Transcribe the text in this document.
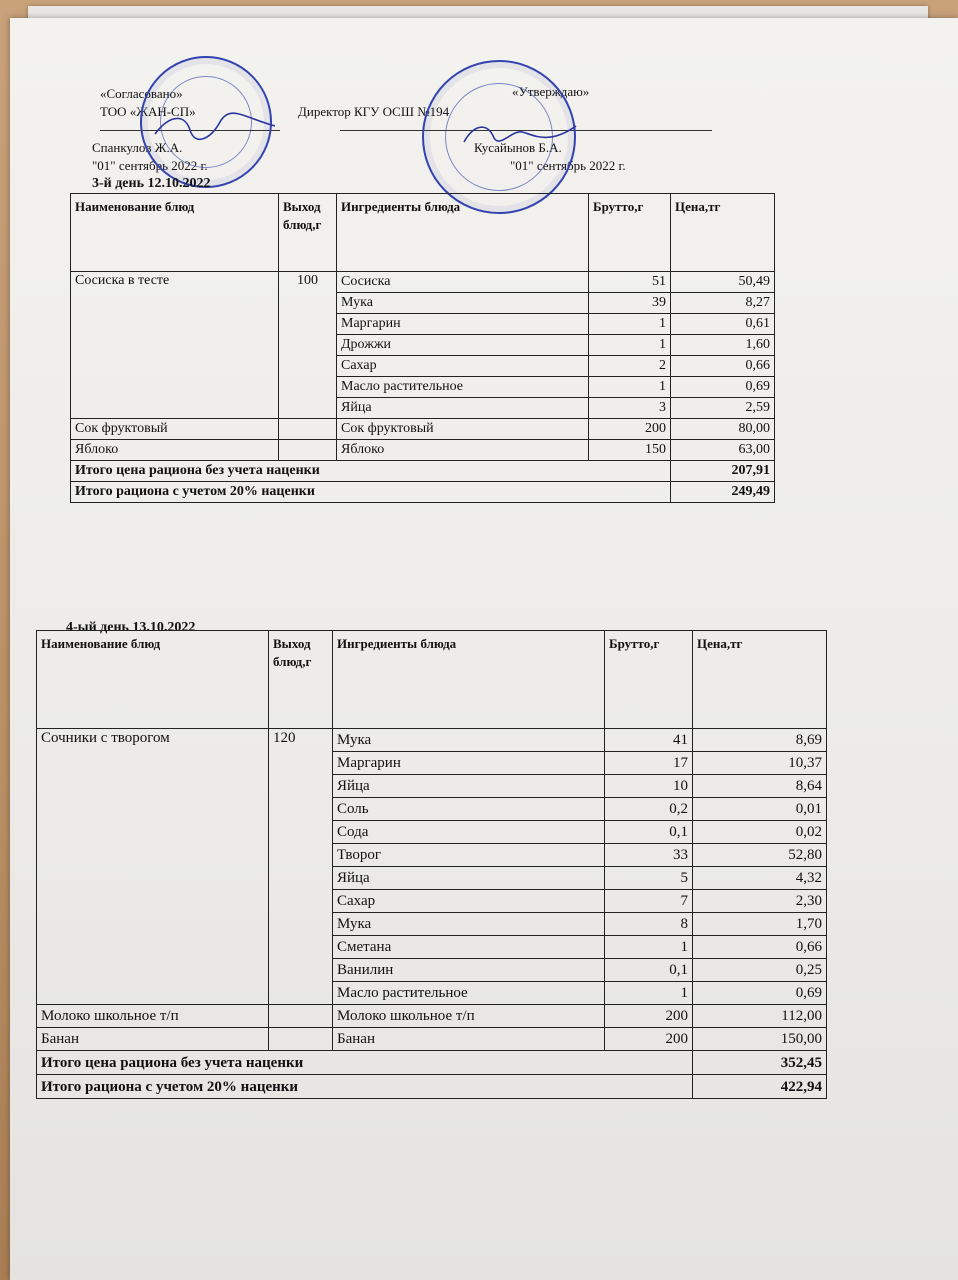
«Согласовано»
ТОО «ЖАН-СП»	Директор КГУ ОСШ №194
«Утверждаю»
Спанкулов Ж.А.	Кусайынов Б.А.
"01" сентябрь 2022 г.	"01" сентябрь 2022 г.
3-й день 12.10.2022
Наименование блюд	Выход блюд,г	Ингредиенты блюда	Брутто,г	Цена,тг
Сосиска в тесте	100	Сосиска	51	50,49
		Мука	39	8,27
		Маргарин	1	0,61
		Дрожжи	1	1,60
		Сахар	2	0,66
		Масло растительное	1	0,69
		Яйца	3	2,59
Сок фруктовый		Сок фруктовый	200	80,00
Яблоко		Яблоко	150	63,00
Итого цена рациона без учета наценки				207,91
Итого рациона с учетом 20% наценки				249,49
4-ый день 13.10.2022
Наименование блюд	Выход блюд,г	Ингредиенты блюда	Брутто,г	Цена,тг
Сочники с творогом	120	Мука	41	8,69
		Маргарин	17	10,37
		Яйца	10	8,64
		Соль	0,2	0,01
		Сода	0,1	0,02
		Творог	33	52,80
		Яйца	5	4,32
		Сахар	7	2,30
		Мука	8	1,70
		Сметана	1	0,66
		Ванилин	0,1	0,25
		Масло растительное	1	0,69
Молоко школьное т/п		Молоко школьное т/п	200	112,00
Банан		Банан	200	150,00
Итого цена рациона без учета наценки				352,45
Итого рациона с учетом 20% наценки				422,94
